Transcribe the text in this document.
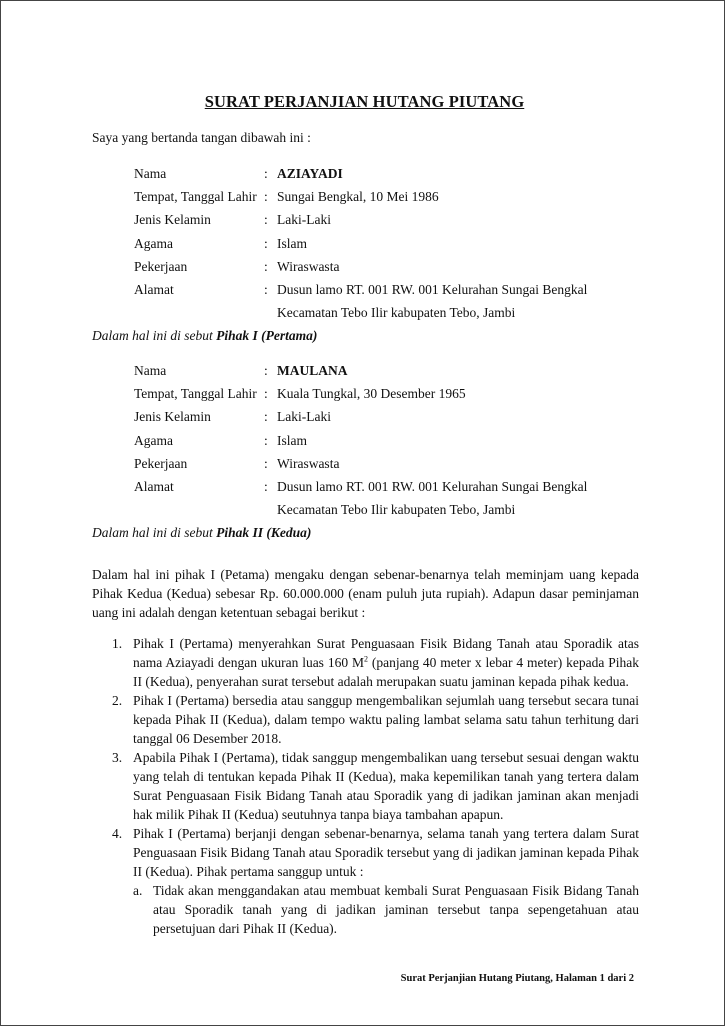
SURAT PERJANJIAN HUTANG PIUTANG
Saya yang bertanda tangan dibawah ini :
Nama	: AZIAYADI
Tempat, Tanggal Lahir : Sungai Bengkal, 10 Mei 1986
Jenis Kelamin	: Laki-Laki
Agama	: Islam
Pekerjaan	: Wiraswasta
Alamat	: Dusun lamo RT. 001 RW. 001 Kelurahan Sungai Bengkal
Kecamatan Tebo Ilir kabupaten Tebo, Jambi
Dalam hal ini di sebut Pihak I (Pertama)
Nama	: MAULANA
Tempat, Tanggal Lahir : Kuala Tungkal, 30 Desember 1965
Jenis Kelamin	: Laki-Laki
Agama	: Islam
Pekerjaan	: Wiraswasta
Alamat	: Dusun lamo RT. 001 RW. 001 Kelurahan Sungai Bengkal
Kecamatan Tebo Ilir kabupaten Tebo, Jambi
Dalam hal ini di sebut Pihak II (Kedua)
Dalam hal ini pihak I (Petama) mengaku dengan sebenar-benarnya telah meminjam uang kepada Pihak Kedua (Kedua) sebesar Rp. 60.000.000 (enam puluh juta rupiah). Adapun dasar peminjaman uang ini adalah dengan ketentuan sebagai berikut :
1. Pihak I (Pertama) menyerahkan Surat Penguasaan Fisik Bidang Tanah atau Sporadik atas nama Aziayadi dengan ukuran luas 160 $M^2$ (panjang 40 meter x lebar 4 meter) kepada Pihak II (Kedua), penyerahan surat tersebut adalah merupakan suatu jaminan kepada pihak kedua.
2. Pihak I (Pertama) bersedia atau sanggup mengembalikan sejumlah uang tersebut secara tunai kepada Pihak II (Kedua), dalam tempo waktu paling lambat selama satu tahun terhitung dari tanggal 06 Desember 2018.
3. Apabila Pihak I (Pertama), tidak sanggup mengembalikan uang tersebut sesuai dengan waktu yang telah di tentukan kepada Pihak II (Kedua), maka kepemilikan tanah yang tertera dalam Surat Penguasaan Fisik Bidang Tanah atau Sporadik yang di jadikan jaminan akan menjadi hak milik Pihak II (Kedua) seutuhnya tanpa biaya tambahan apapun.
4. Pihak I (Pertama) berjanji dengan sebenar-benarnya, selama tanah yang tertera dalam Surat Penguasaan Fisik Bidang Tanah atau Sporadik tersebut yang di jadikan jaminan kepada Pihak II (Kedua). Pihak pertama sanggup untuk :
a. Tidak akan menggandakan atau membuat kembali Surat Penguasaan Fisik Bidang Tanah atau Sporadik tanah yang di jadikan jaminan tersebut tanpa sepengetahuan atau persetujuan dari Pihak II (Kedua).
Surat Perjanjian Hutang Piutang, Halaman 1 dari 2
